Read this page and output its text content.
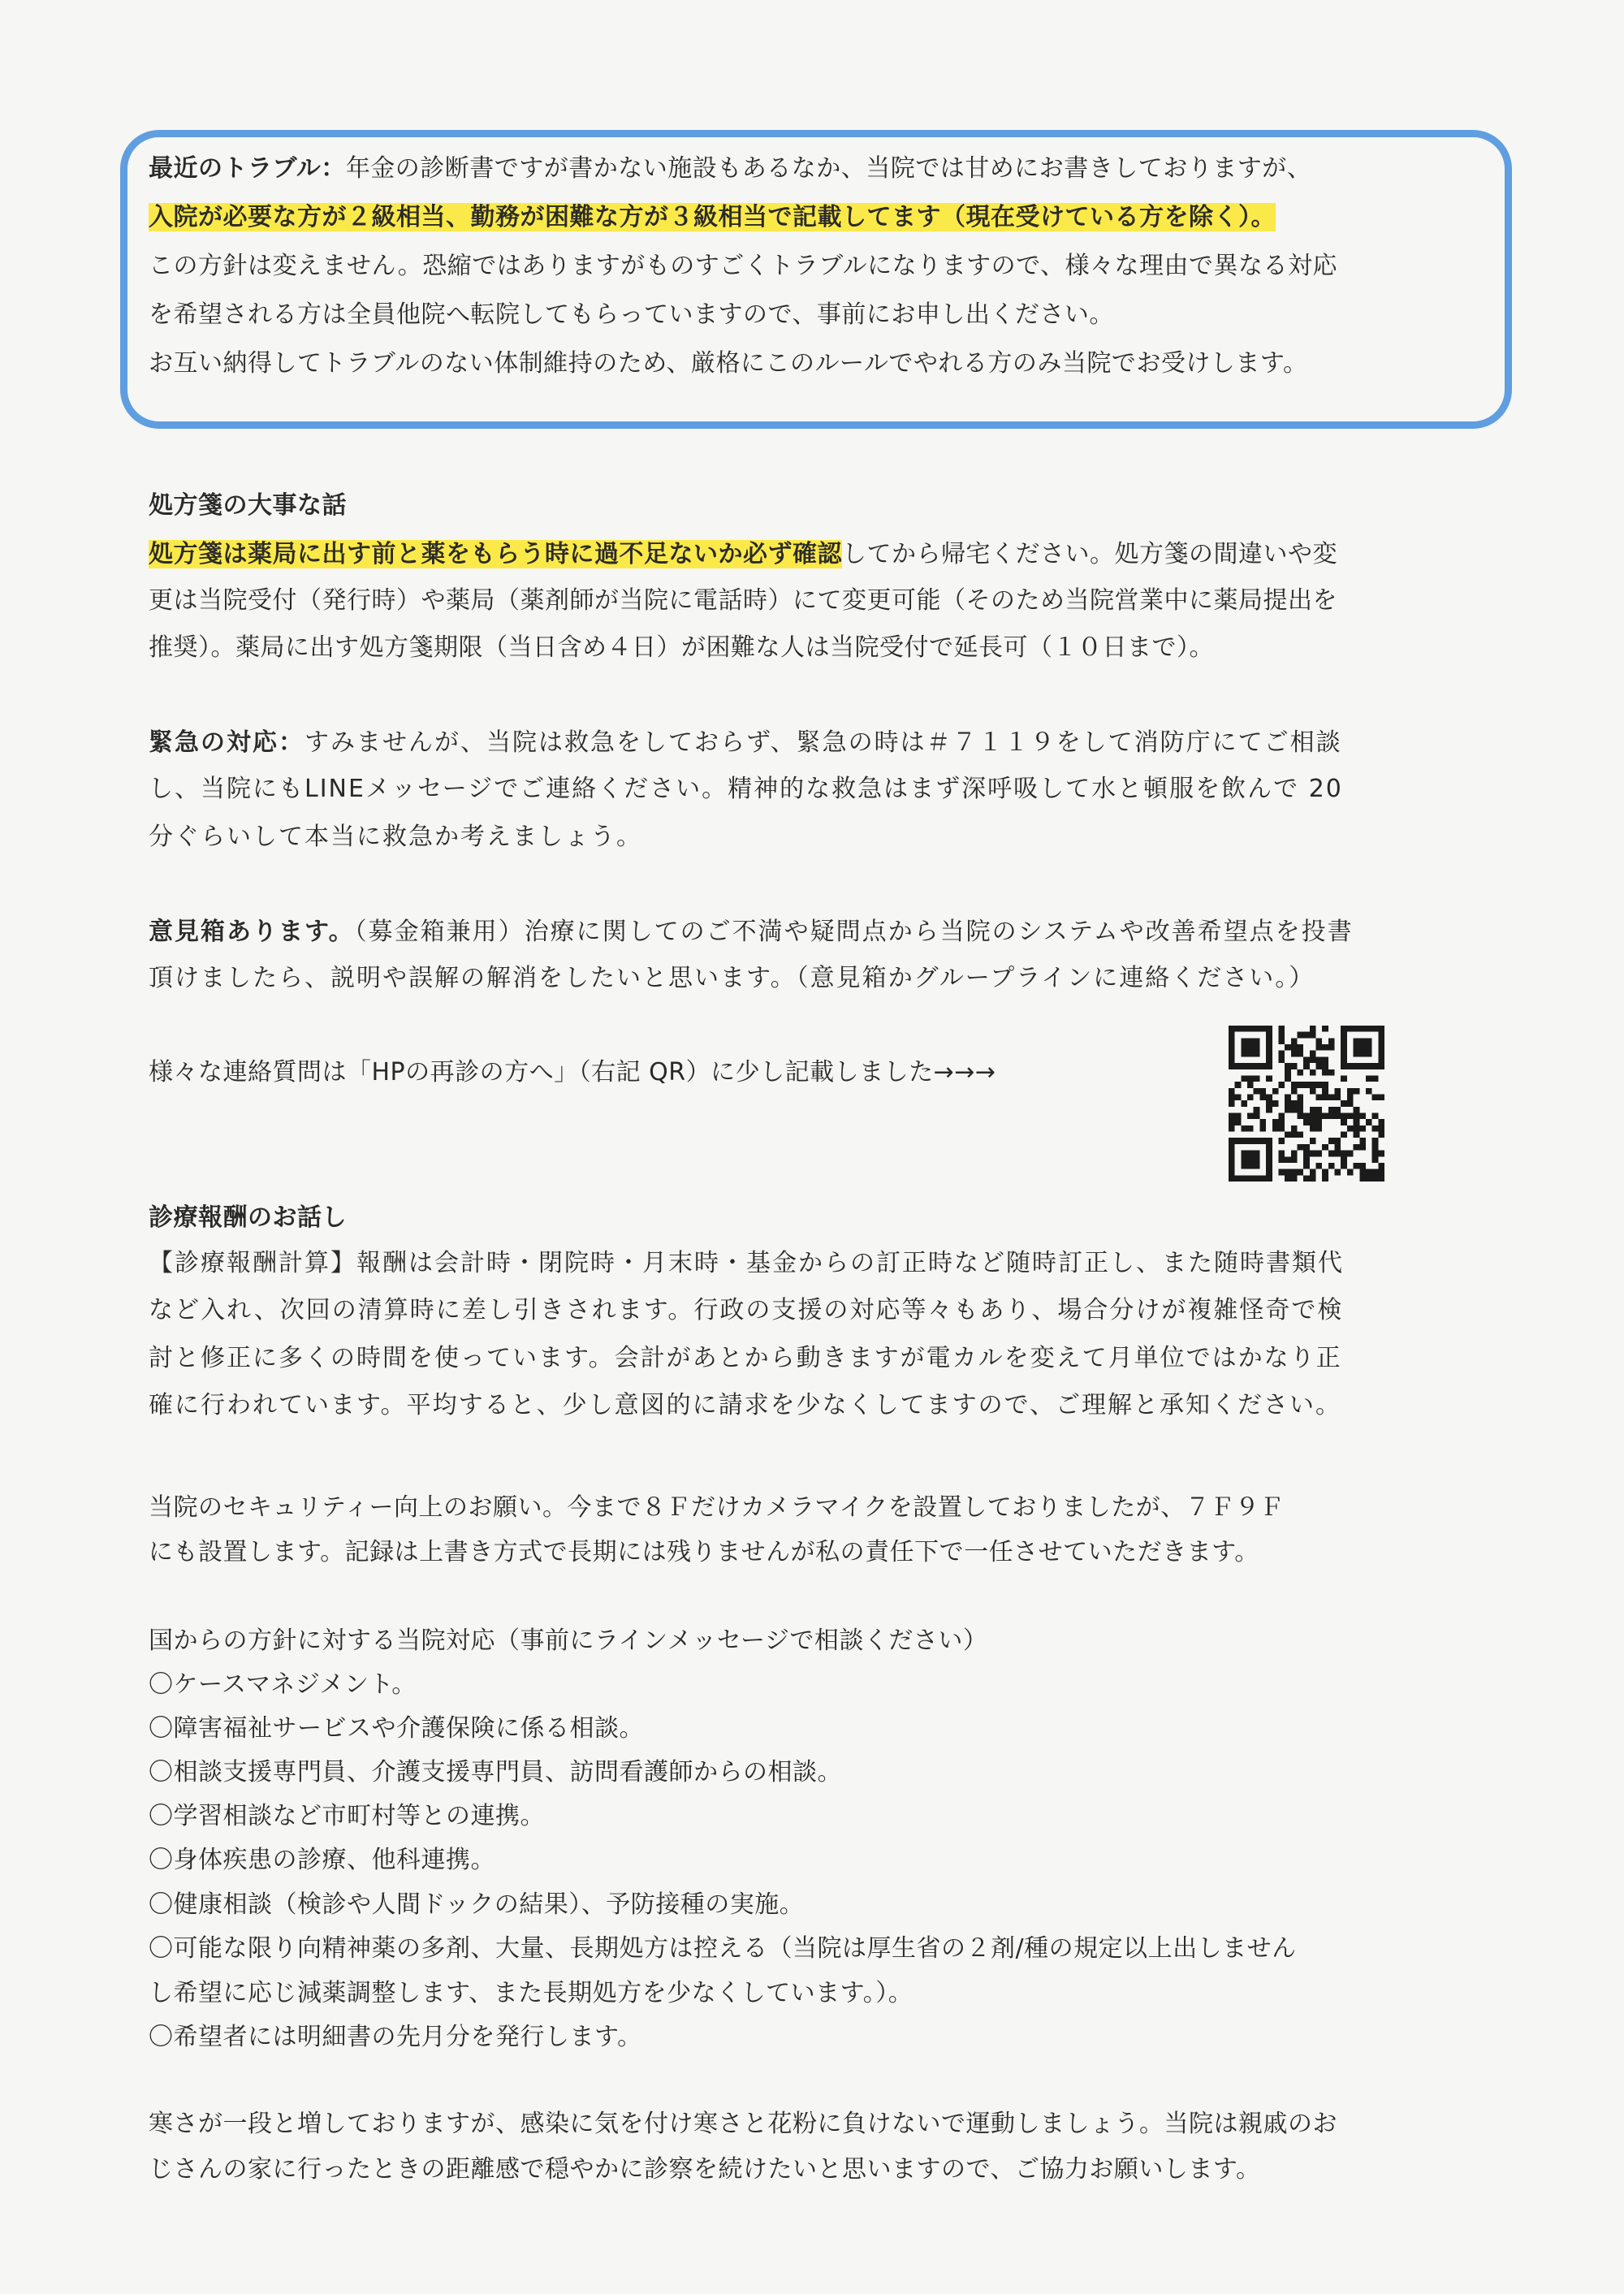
最近のトラブル：年金の診断書ですが書かない施設もあるなか、当院では甘めにお書きしておりますが、
入院が必要な方が２級相当、勤務が困難な方が３級相当で記載してます（現在受けている方を除く）。
この方針は変えません。恐縮ではありますがものすごくトラブルになりますので、様々な理由で異なる対応
を希望される方は全員他院へ転院してもらっていますので、事前にお申し出ください。
お互い納得してトラブルのない体制維持のため、厳格にこのルールでやれる方のみ当院でお受けします。
処方箋の大事な話
処方箋は薬局に出す前と薬をもらう時に過不足ないか必ず確認してから帰宅ください。処方箋の間違いや変
更は当院受付（発行時）や薬局（薬剤師が当院に電話時）にて変更可能（そのため当院営業中に薬局提出を
推奨）。薬局に出す処方箋期限（当日含め４日）が困難な人は当院受付で延長可（１０日まで）。
緊急の対応：すみませんが、当院は救急をしておらず、緊急の時は＃７１１９をして消防庁にてご相談
し、当院にもLINEメッセージでご連絡ください。精神的な救急はまず深呼吸して水と頓服を飲んで 20
分ぐらいして本当に救急か考えましょう。
意見箱あります。（募金箱兼用）治療に関してのご不満や疑問点から当院のシステムや改善希望点を投書
頂けましたら、説明や誤解の解消をしたいと思います。（意見箱かグループラインに連絡ください。）
様々な連絡質問は「HPの再診の方へ」（右記 QR）に少し記載しました→→→
診療報酬のお話し
【診療報酬計算】報酬は会計時・閉院時・月末時・基金からの訂正時など随時訂正し、また随時書類代
など入れ、次回の清算時に差し引きされます。行政の支援の対応等々もあり、場合分けが複雑怪奇で検
討と修正に多くの時間を使っています。会計があとから動きますが電カルを変えて月単位ではかなり正
確に行われています。平均すると、少し意図的に請求を少なくしてますので、ご理解と承知ください。
当院のセキュリティー向上のお願い。今まで８Ｆだけカメラマイクを設置しておりましたが、７Ｆ９Ｆ
にも設置します。記録は上書き方式で長期には残りませんが私の責任下で一任させていただきます。
国からの方針に対する当院対応（事前にラインメッセージで相談ください）
〇ケースマネジメント。
〇障害福祉サービスや介護保険に係る相談。
〇相談支援専門員、介護支援専門員、訪問看護師からの相談。
〇学習相談など市町村等との連携。
〇身体疾患の診療、他科連携。
〇健康相談（検診や人間ドックの結果）、予防接種の実施。
〇可能な限り向精神薬の多剤、大量、長期処方は控える（当院は厚生省の２剤/種の規定以上出しません
し希望に応じ減薬調整します、また長期処方を少なくしています。）。
〇希望者には明細書の先月分を発行します。
寒さが一段と増しておりますが、感染に気を付け寒さと花粉に負けないで運動しましょう。当院は親戚のお
じさんの家に行ったときの距離感で穏やかに診察を続けたいと思いますので、ご協力お願いします。
